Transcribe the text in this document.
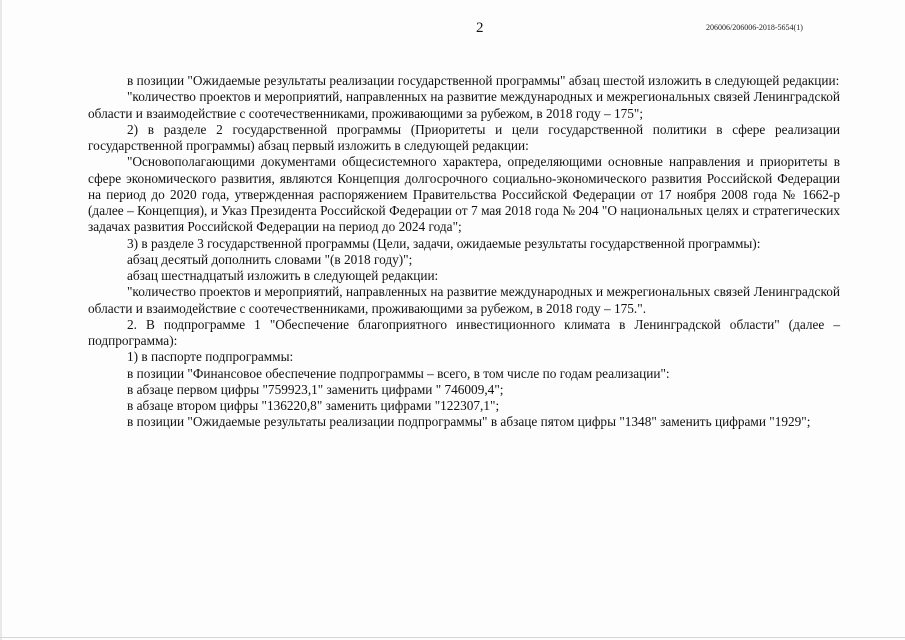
2	206006/206006-2018-5654(1)

в позиции "Ожидаемые результаты реализации государственной программы" абзац шестой изложить в следующей редакции:

"количество проектов и мероприятий, направленных на развитие международных и межрегиональных связей Ленинградской области и взаимодействие с соотечественниками, проживающими за рубежом, в 2018 году – 175";

2) в разделе 2 государственной программы (Приоритеты и цели государственной политики в сфере реализации государственной программы) абзац первый изложить в следующей редакции:

"Основополагающими документами общесистемного характера, определяющими основные направления и приоритеты в сфере экономического развития, являются Концепция долгосрочного социально-экономического развития Российской Федерации на период до 2020 года, утвержденная распоряжением Правительства Российской Федерации от 17 ноября 2008 года № 1662-р (далее – Концепция), и Указ Президента Российской Федерации от 7 мая 2018 года № 204 "О национальных целях и стратегических задачах развития Российской Федерации на период до 2024 года";

3) в разделе 3 государственной программы (Цели, задачи, ожидаемые результаты государственной программы):

абзац десятый дополнить словами "(в 2018 году)";

абзац шестнадцатый изложить в следующей редакции:

"количество проектов и мероприятий, направленных на развитие международных и межрегиональных связей Ленинградской области и взаимодействие с соотечественниками, проживающими за рубежом, в 2018 году – 175.".

2. В подпрограмме 1 "Обеспечение благоприятного инвестиционного климата в Ленинградской области" (далее – подпрограмма):

1) в паспорте подпрограммы:

в позиции "Финансовое обеспечение подпрограммы – всего, в том числе по годам реализации":

в абзаце первом цифры "759923,1" заменить цифрами " 746009,4";

в абзаце втором цифры "136220,8" заменить цифрами "122307,1";

в позиции "Ожидаемые результаты реализации подпрограммы" в абзаце пятом цифры "1348" заменить цифрами "1929";
